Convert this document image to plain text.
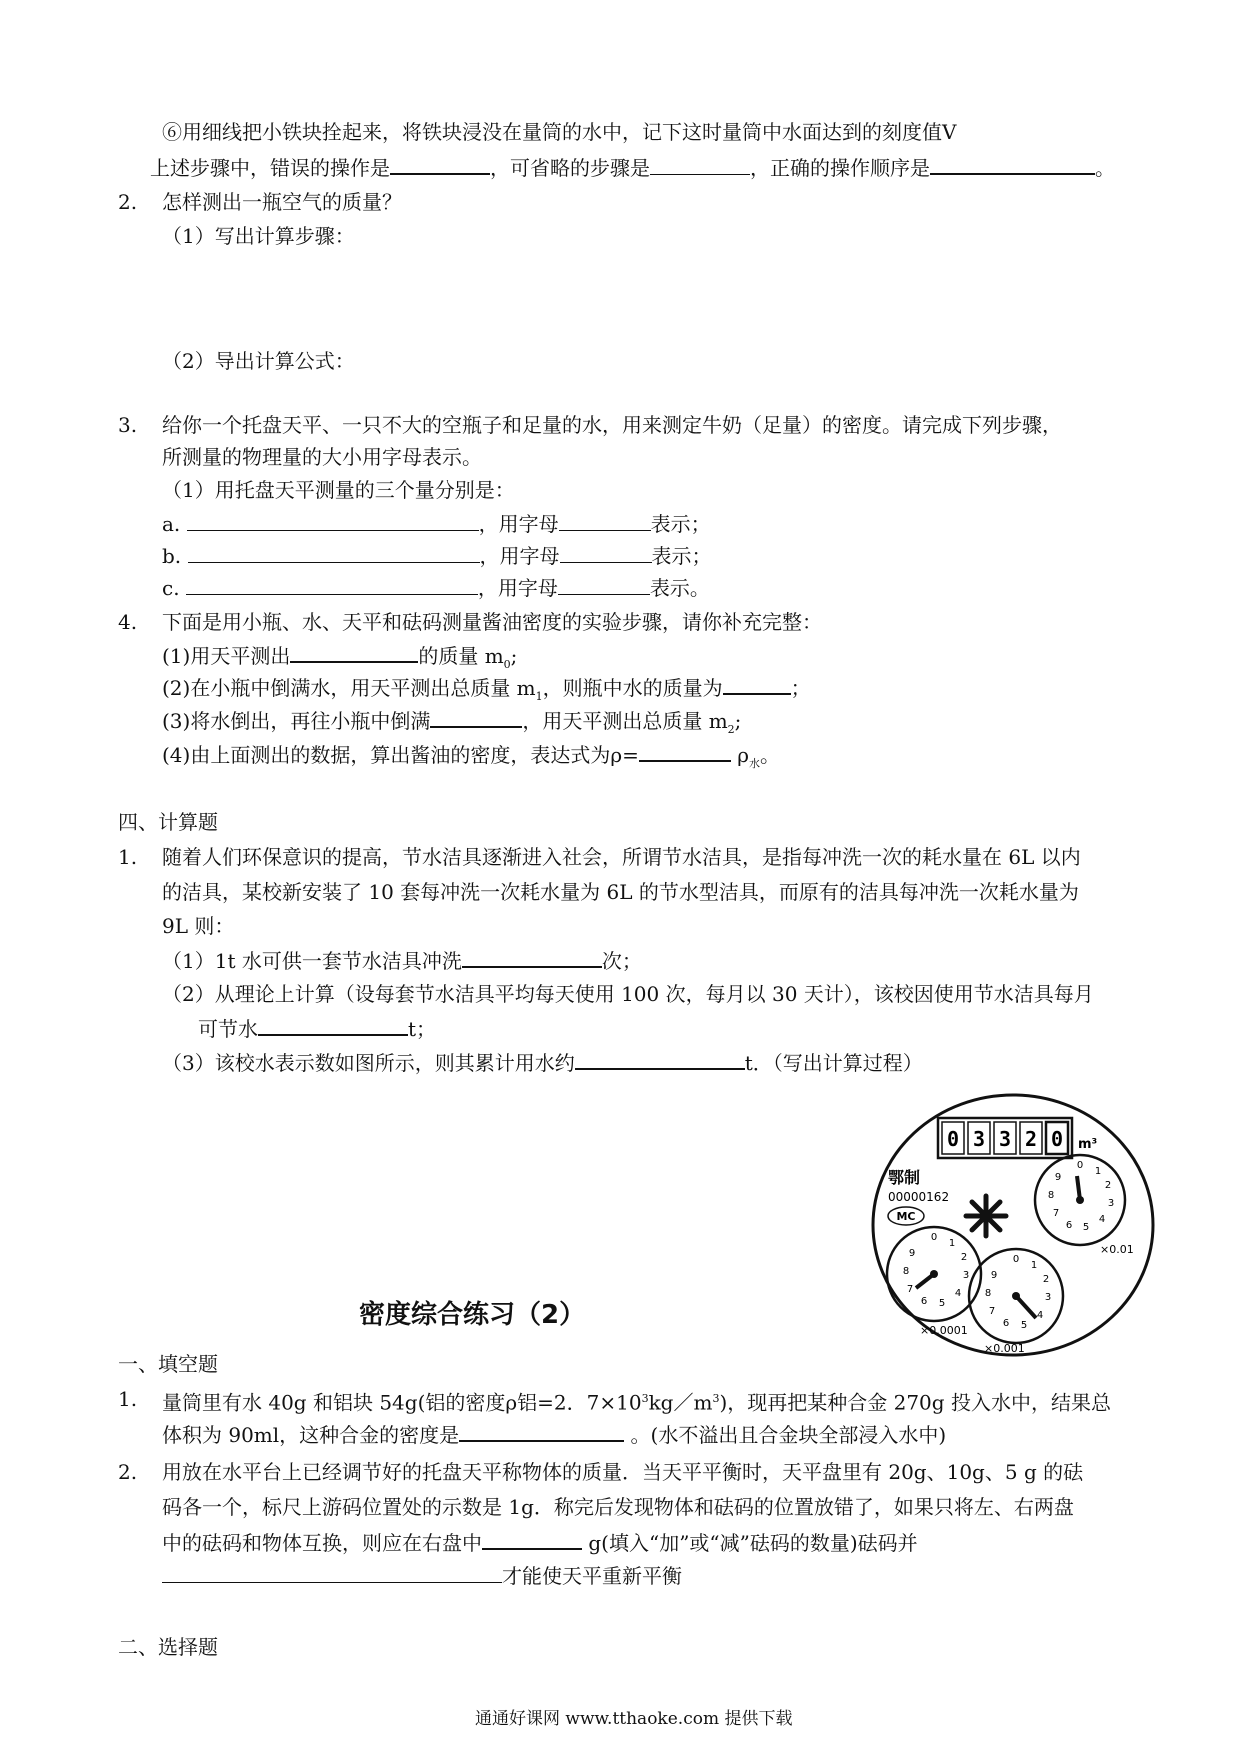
⑥用细线把小铁块拴起来，将铁块浸没在量筒的水中，记下这时量筒中水面达到的刻度值V
上述步骤中，错误的操作是	，可省略的步骤是	，正确的操作顺序是	。
2. 怎样测出一瓶空气的质量？
（1）写出计算步骤：
（2）导出计算公式：
3. 给你一个托盘天平、一只不大的空瓶子和足量的水，用来测定牛奶（足量）的密度。请完成下列步骤，
所测量的物理量的大小用字母表示。
（1）用托盘天平测量的三个量分别是：
a.	，用字母	表示；
b.	，用字母	表示；
c.	，用字母	表示。
4. 下面是用小瓶、水、天平和砝码测量酱油密度的实验步骤，请你补充完整：
(1)用天平测出	的质量 $m_0$;
(2)在小瓶中倒满水，用天平测出总质量 $m_1$，则瓶中水的质量为	；
(3)将水倒出，再往小瓶中倒满	，用天平测出总质量 $m_2$;
(4)由上面测出的数据，算出酱油的密度，表达式为ρ=	$\rho_水$。
四、计算题
1. 随着人们环保意识的提高，节水洁具逐渐进入社会，所谓节水洁具，是指每冲洗一次的耗水量在 6L 以内
的洁具，某校新安装了 10 套每冲洗一次耗水量为 6L 的节水型洁具，而原有的洁具每冲洗一次耗水量为
9L 则：
（1）1t 水可供一套节水洁具冲洗	次；
（2）从理论上计算（设每套节水洁具平均每天使用 100 次，每月以 30 天计），该校因使用节水洁具每月
可节水	t；
（3）该校水表示数如图所示，则其累计用水约	t．（写出计算过程）
0 3 3 2 0 m³
鄂制
00000162
MC
0
1
2
3
4
5
6
7
8
9
0
1
2
3
4
5
6
7
8
9
0
1
2
3
4
5
6
7
8
9
×0.01
×0.0001
×0.001
密度综合练习（2）
一、填空题
1. 量筒里有水 40g 和铝块 54g(铝的密度ρ铝=2．$7\times 10^3kg/m^3$)，现再把某种合金 270g 投入水中，结果总
体积为 90ml，这种合金的密度是	。(水不溢出且合金块全部浸入水中)
2. 用放在水平台上已经调节好的托盘天平称物体的质量．当天平平衡时，天平盘里有 20g、10g、5 g 的砝
码各一个，标尺上游码位置处的示数是 1g．称完后发现物体和砝码的位置放错了，如果只将左、右两盘
中的砝码和物体互换，则应在右盘中	g(填入“加”或“减”砝码的数量)砝码并
才能使天平重新平衡
二、选择题
通通好课网 www.tthaoke.com 提供下载
